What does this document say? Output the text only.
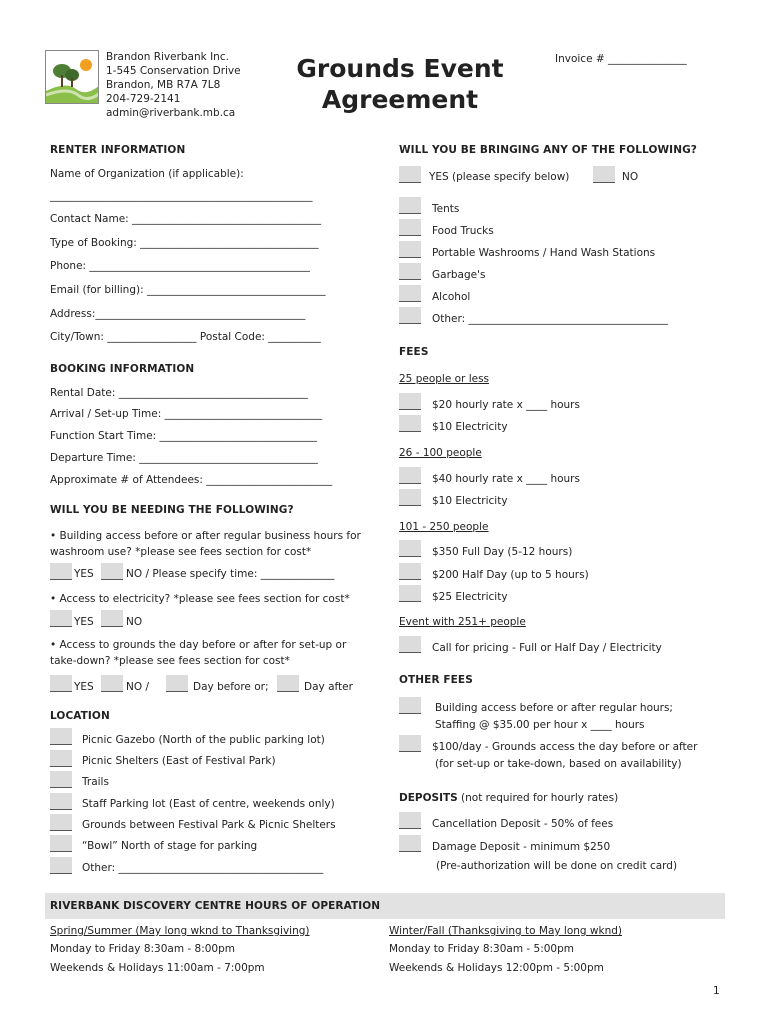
Brandon Riverbank Inc.
1-545 Conservation Drive
Brandon, MB R7A 7L8
204-729-2141
admin@riverbank.mb.ca
Grounds Event
Agreement
Invoice # _______________
RENTER INFORMATION
Name of Organization (if applicable):
__________________________________________________
Contact Name: ____________________________________
Type of Booking: __________________________________
Phone: __________________________________________
Email (for billing): __________________________________
Address:________________________________________
City/Town: _________________ Postal Code: __________
BOOKING INFORMATION
Rental Date: ____________________________________
Arrival / Set-up Time: ______________________________
Function Start Time: ______________________________
Departure Time: __________________________________
Approximate # of Attendees: ________________________
WILL YOU BE NEEDING THE FOLLOWING?
• Building access before or after regular business hours for
washroom use? *please see fees section for cost*
YES	NO / Please specify time: ______________
• Access to electricity? *please see fees section for cost*
YES	NO
• Access to grounds the day before or after for set-up or
take-down? *please see fees section for cost*
YES	NO /	Day before or;	Day after
LOCATION
Picnic Gazebo (North of the public parking lot)
Picnic Shelters (East of Festival Park)
Trails
Staff Parking lot (East of centre, weekends only)
Grounds between Festival Park & Picnic Shelters
“Bowl” North of stage for parking
Other: _______________________________________
WILL YOU BE BRINGING ANY OF THE FOLLOWING?
YES (please specify below)	NO
Tents
Food Trucks
Portable Washrooms / Hand Wash Stations
Garbage's
Alcohol
Other: ______________________________________
FEES
25 people or less
$20 hourly rate x ____ hours
$10 Electricity
26 - 100 people
$40 hourly rate x ____ hours
$10 Electricity
101 - 250 people
$350 Full Day (5-12 hours)
$200 Half Day (up to 5 hours)
$25 Electricity
Event with 251+ people
Call for pricing - Full or Half Day / Electricity
OTHER FEES
Building access before or after regular hours;
Staffing @ $35.00 per hour x ____ hours
$100/day - Grounds access the day before or after
(for set-up or take-down, based on availability)
DEPOSITS (not required for hourly rates)
Cancellation Deposit - 50% of fees
Damage Deposit - minimum $250
(Pre-authorization will be done on credit card)
RIVERBANK DISCOVERY CENTRE HOURS OF OPERATION
Spring/Summer (May long wknd to Thanksgiving)
Monday to Friday 8:30am - 8:00pm
Weekends & Holidays 11:00am - 7:00pm
Winter/Fall (Thanksgiving to May long wknd)
Monday to Friday 8:30am - 5:00pm
Weekends & Holidays 12:00pm - 5:00pm
1
